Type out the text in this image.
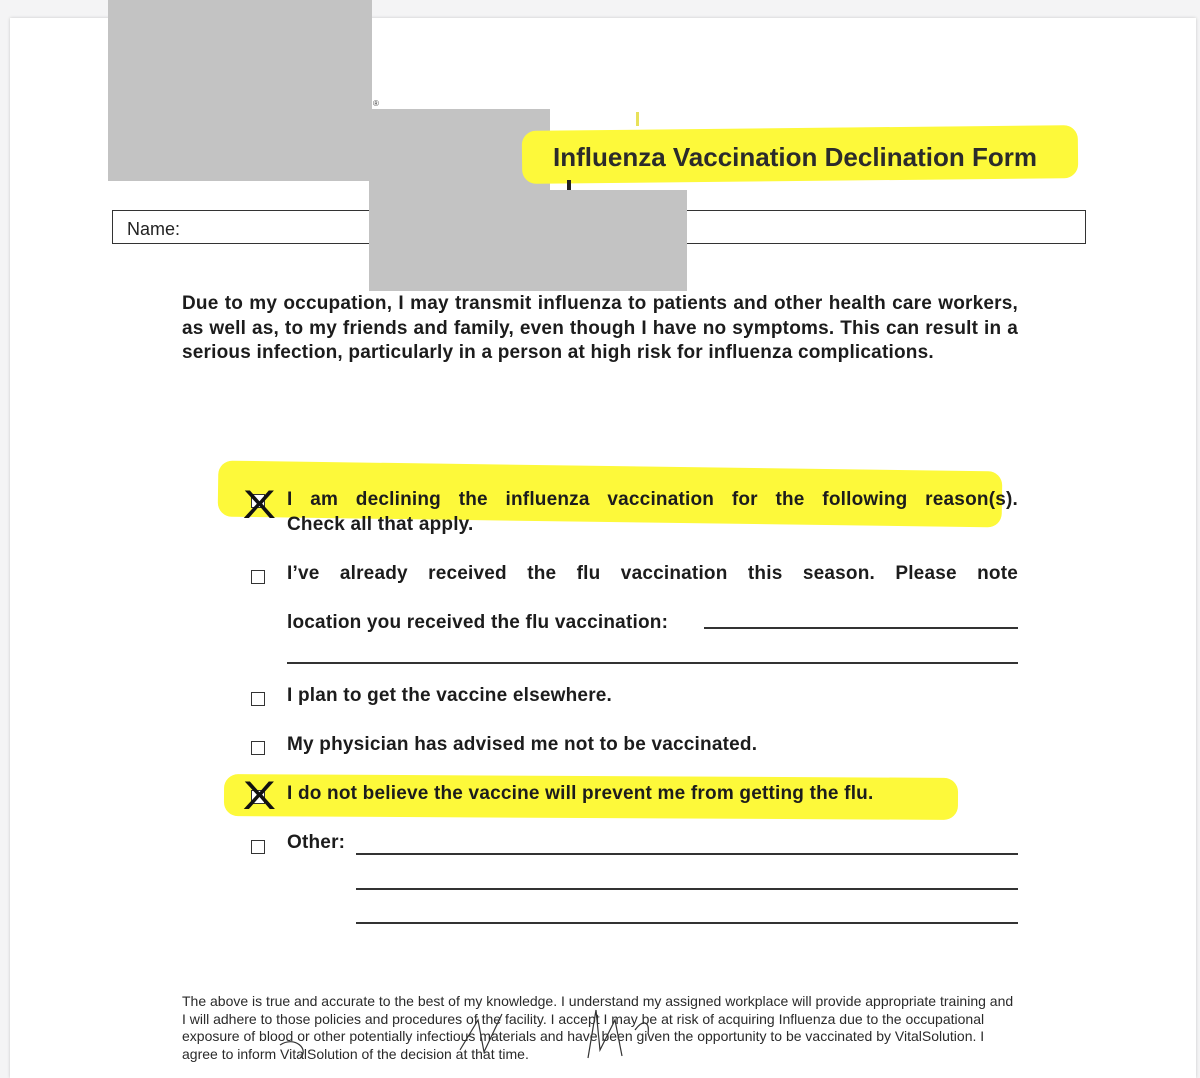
®
Influenza Vaccination Declination Form
Name:

Due to my occupation, I may transmit influenza to patients and other health care workers, as well as, to my friends and family, even though I have no symptoms. This can result in a serious infection, particularly in a person at high risk for influenza complications.

X I am declining the influenza vaccination for the following reason(s).
Check all that apply.
I’ve already received the flu vaccination this season. Please note
location you received the flu vaccination:
I plan to get the vaccine elsewhere.
My physician has advised me not to be vaccinated.
X I do not believe the vaccine will prevent me from getting the flu.
Other:

The above is true and accurate to the best of my knowledge. I understand my assigned workplace will provide appropriate training and I will adhere to those policies and procedures of the facility. I accept I may be at risk of acquiring Influenza due to the occupational exposure of blood or other potentially infectious materials and have been given the opportunity to be vaccinated by VitalSolution. I agree to inform VitalSolution of the decision at that time.
